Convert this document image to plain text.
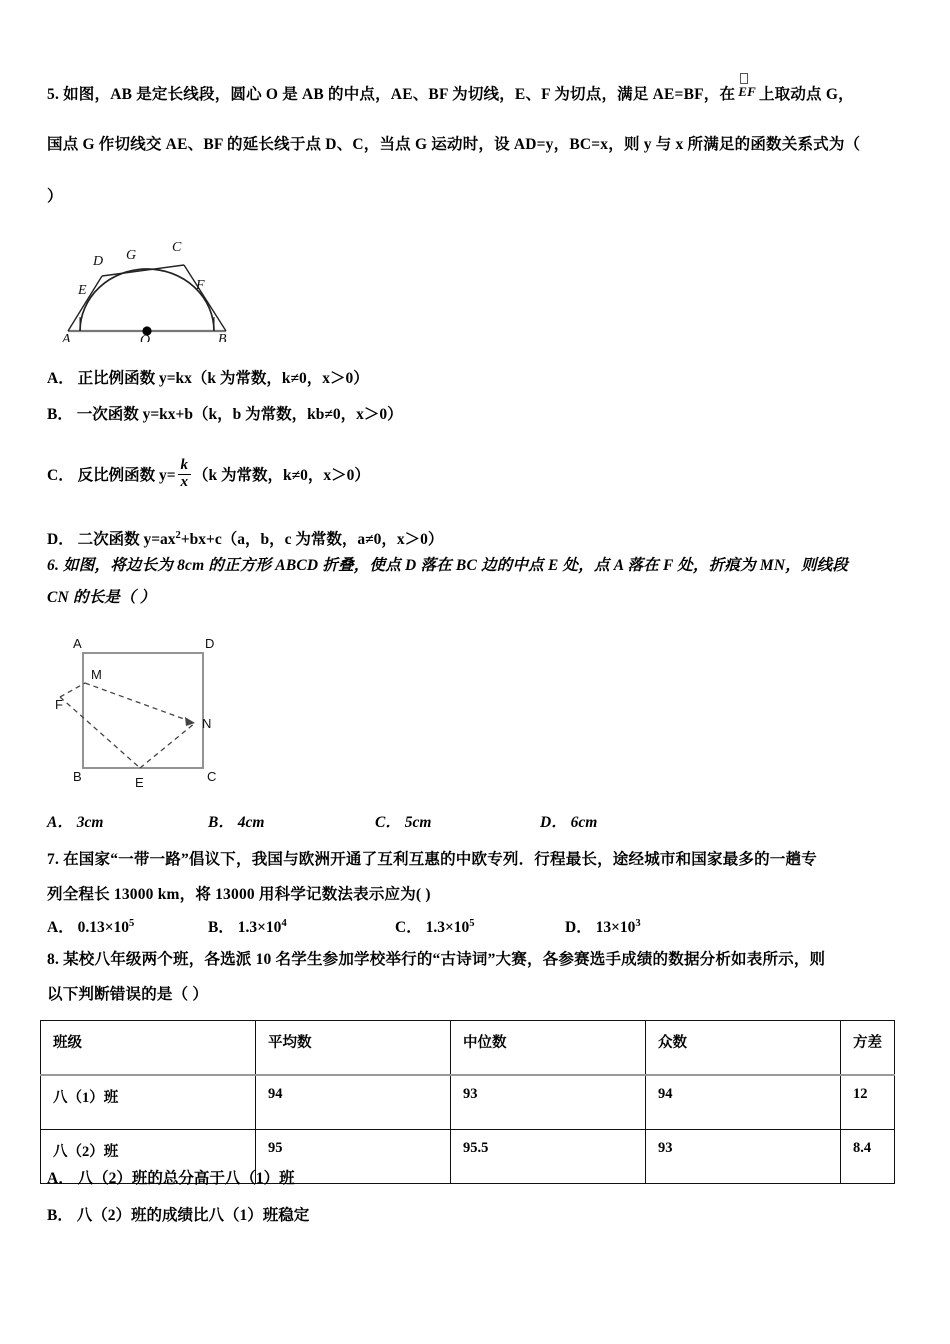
5. 如图，AB 是定长线段，圆心 O 是 AB 的中点，AE、BF 为切线，E、F 为切点，满足 AE=BF，在 EF 上取动点 G，
国点 G 作切线交 AE、BF 的延长线于点 D、C，当点 G 运动时，设 AD=y，BC=x，则 y 与 x 所满足的函数关系式为（
）
D G
C
E	F
A	O	B
A． 正比例函数 y=kx（k 为常数，k≠0，x＞0）
B． 一次函数 y=kx+b（k，b 为常数，kb≠0，x＞0）
C． 反比例函数 $y= \frac{k}{x} (k$ 为常数，k≠0，x＞0）
D． 二次函数 $y=ax^2+bx+c(a$，b，c 为常数，a≠0，x＞0）
6. 如图，将边长为 8cm 的正方形 ABCD 折叠，使点 D 落在 BC 边的中点 E 处，点 A 落在 F 处，折痕为 MN，则线段
CN 的长是（ ）
A	D
M
F
N
B	E	C
A． 3cm	B． 4cm	C． 5cm	D． 6cm
7. 在国家“一带一路”倡议下，我国与欧洲开通了互利互惠的中欧专列．行程最长，途经城市和国家最多的一趟专
列全程长 13000 km，将 13000 用科学记数法表示应为( )
A． $0.13\times 10^5$	B． $1.3\times 10^4$	C． $1.3\times 10^5$	D． $13\times 10^3$
8. 某校八年级两个班，各选派 10 名学生参加学校举行的“古诗词”大赛，各参赛选手成绩的数据分析如表所示，则
以下判断错误的是（ ）
班级	平均数	中位数	众数	方差
八（1）班	94	93	94	12
八（2）班	95	95.5	93	8.4
A． 八（2）班的总分高于八（1）班
B． 八（2）班的成绩比八（1）班稳定
